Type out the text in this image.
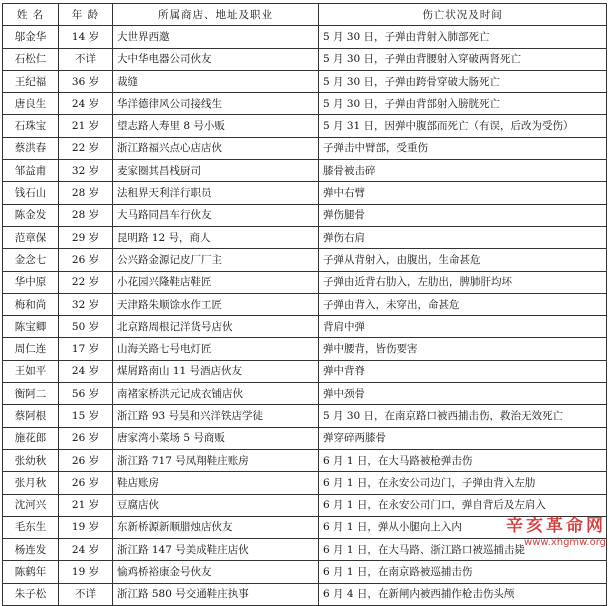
姓 名	年 龄	所属商店、地址及职业	伤亡状况及时间
邬金华	14 岁	大世界西邀	5 月 30 日，子弹由背射入肺部死亡
石松仁	不详	大中华电器公司伙友	5 月 30 日，子弹由背腰射入穿破两肾死亡
王纪福	36 岁	裁缝	5 月 30 日，子弹由跨骨穿破大肠死亡
唐良生	24 岁	华洋德律风公司接线生	5 月 30 日，子弹由背部射入膀胱死亡
石珠宝	21 岁	望志路人寿里 8 号小贩	5 月 31 日，因弹中腹部而死亡（有误，后改为受伤）
蔡洪春	22 岁	浙江路福兴点心店店伙	子弹击中臂部，受重伤
邹益甫	32 岁	麦家圈其昌栈厨司	膝骨被击碎
钱石山	28 岁	法租界天利洋行职员	弹中右臂
陈金发	28 岁	大马路同昌车行伙友	弹伤腿骨
范章保	29 岁	昆明路 12 号，商人	弹伤右肩
金念七	26 岁	公兴路金源记皮厂厂主	子弹从背射入，由腹出，生命甚危
华中原	22 岁	小花园兴隆鞋店鞋匠	子弹由近背右肋入，左肋出，脾肺肝均坏
梅和尚	32 岁	天津路朱顺馀水作工匠	子弹由背入，未穿出，命甚危
陈宝卿	50 岁	北京路周根记洋货号店伙	背肩中弹
周仁连	17 岁	山海关路七号电灯匠	弹中腰背，皆伤要害
王如平	24 岁	煤屑路南山 11 号酒店伙友	弹中背脊
衡阿二	56 岁	南褚家桥洪元记成衣铺店伙	弹中颈骨
蔡阿根	15 岁	浙江路 93 号昊和兴洋铁店学徒	5 月 30 日，在南京路口被西捕击伤，救治无效死亡
施花郎	26 岁	唐家湾小菜场 5 号商贩	弹穿碎两膝骨
张幼秋	26 岁	浙江路 717 号凤翔鞋庄账房	6 月 1 日，在大马路被枪弹击伤
张月秋	26 岁	鞋店账房	6 月 1 日，在永安公司边门，子弹由背入左肋
沈河兴	21 岁	豆腐店伙	6 月 1 日，在永安公司门口，弹自背后及左肩入
毛东生	19 岁	东新桥源新顺腊烛店伙友	6 月 1 日，弹从小腿向上入内
杨连发	24 岁	浙江路 147 号美成鞋庄店伙	6 月 1 日，在大马路、浙江路口被巡捕击毙
陈鹤年	19 岁	愉鸡桥裕康金号伙友	6 月 1 日，在南京路被巡捕击伤
朱子松	不详	浙江路 580 号交通鞋庄执事	6 月 4 日，在新闸内被西捕作枪击伤头颅
辛亥革命网
www.xhgmw.org
